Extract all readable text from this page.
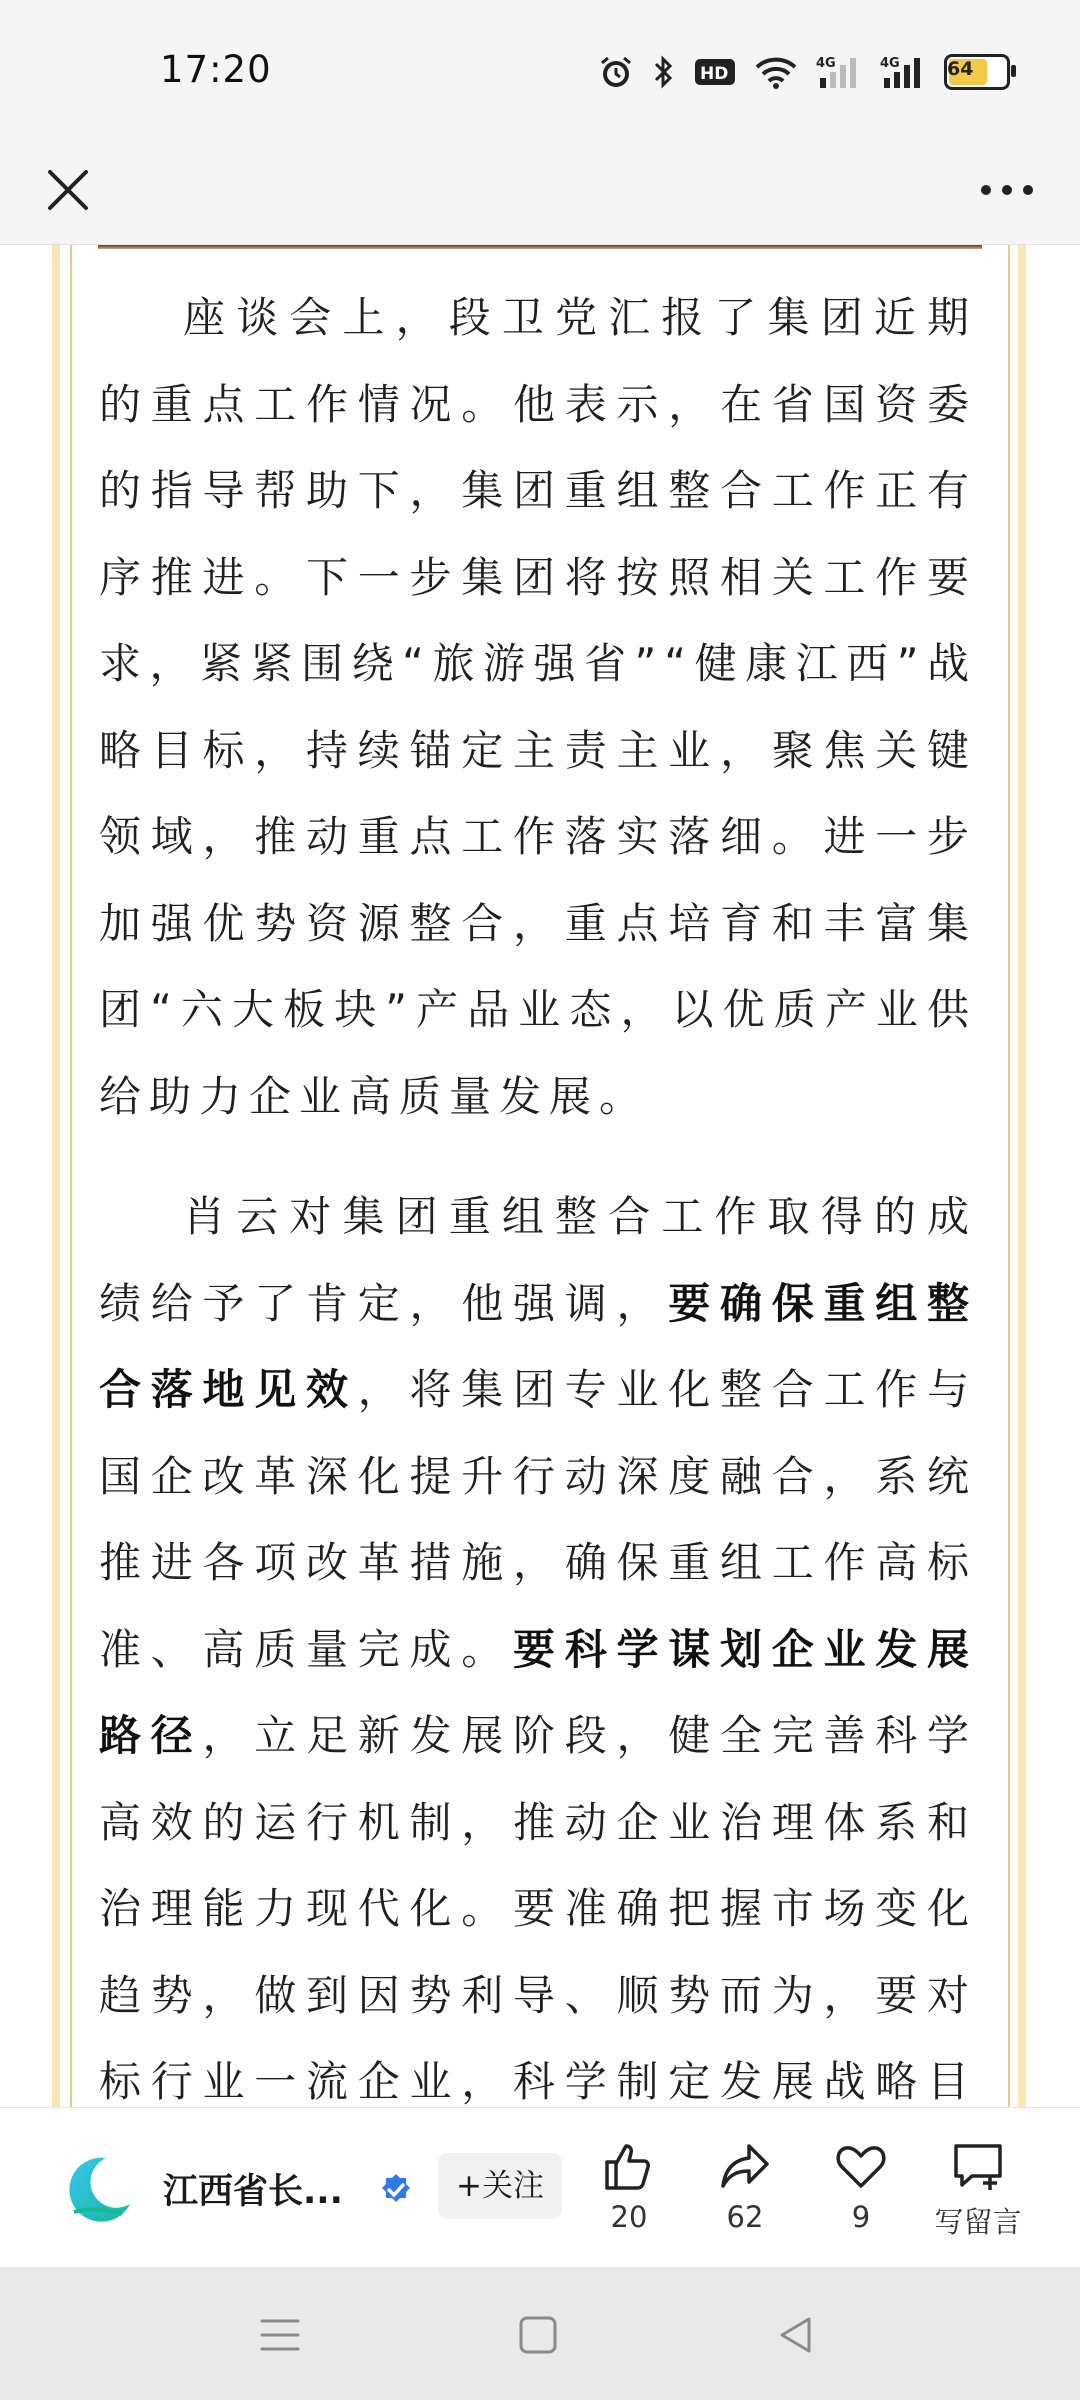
17:20	HD
4G	4G 64

座谈会上，段卫党汇报了集团近期的重点工作情况。他表示，在省国资委的指导帮助下，集团重组整合工作正有序推进。下一步集团将按照相关工作要求，紧紧围绕“旅游强省”“健康江西”战略目标，持续锚定主责主业，聚焦关键领域，推动重点工作落实落细。进一步加强优势资源整合，重点培育和丰富集团“六大板块”产品业态，以优质产业供给助力企业高质量发展。

肖云对集团重组整合工作取得的成绩给予了肯定，他强调，要确保重组整合落地见效，将集团专业化整合工作与国企改革深化提升行动深度融合，系统推进各项改革措施，确保重组工作高标准、高质量完成。要科学谋划企业发展路径，立足新发展阶段，健全完善科学高效的运行机制，推动企业治理体系和治理能力现代化。要准确把握市场变化趋势，做到因势利导、顺势而为，要对标行业一流企业，科学制定发展战略目

江西省长...	+关注
20	62	9	写留言
